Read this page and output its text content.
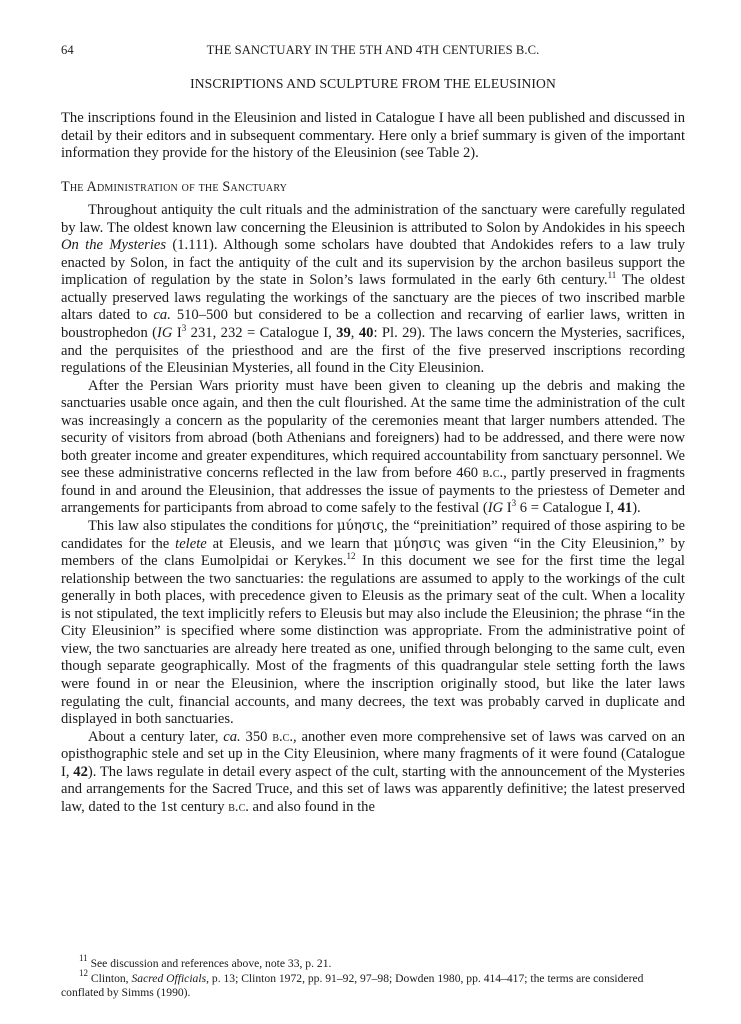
64	THE SANCTUARY IN THE 5TH AND 4TH CENTURIES B.C.
INSCRIPTIONS AND SCULPTURE FROM THE ELEUSINION

The inscriptions found in the Eleusinion and listed in Catalogue I have all been published and discussed in detail by their editors and in subsequent commentary. Here only a brief summary is given of the important information they provide for the history of the Eleusinion (see Table 2).

The Administration of the Sanctuary

Throughout antiquity the cult rituals and the administration of the sanctuary were carefully regulated by law. The oldest known law concerning the Eleusinion is attributed to Solon by Andokides in his speech On the Mysteries (1.111). Although some scholars have doubted that Andokides refers to a law truly enacted by Solon, in fact the antiquity of the cult and its supervision by the archon basileus support the implication of regulation by the state in Solon’s laws formulated in the early 6th century.$^{11}$ The oldest actually preserved laws regulating the workings of the sanctuary are the pieces of two inscribed marble altars dated to ca. 510–500 but considered to be a collection and recarving of earlier laws, written in boustrophedon (IG $I^3$ 231, 232 = Catalogue I, 39, 40: Pl. 29). The laws concern the Mysteries, sacrifices, and the perquisites of the priesthood and are the first of the five preserved inscriptions recording regulations of the Eleusinian Mysteries, all found in the City Eleusinion.

After the Persian Wars priority must have been given to cleaning up the debris and making the sanctuaries usable once again, and then the cult flourished. At the same time the administration of the cult was increasingly a concern as the popularity of the ceremonies meant that larger numbers attended. The security of visitors from abroad (both Athenians and foreigners) had to be addressed, and there were now both greater income and greater expenditures, which required accountability from sanctuary personnel. We see these administrative concerns reflected in the law from before 460 b.c., partly preserved in fragments found in and around the Eleusinion, that addresses the issue of payments to the priestess of Demeter and arrangements for participants from abroad to come safely to the festival (IG $I^3$ 6 = Catalogue I, 41).

This law also stipulates the conditions for μύησις, the “preinitiation” required of those aspiring to be candidates for the telete at Eleusis, and we learn that μύησις was given “in the City Eleusinion,” by members of the clans Eumolpidai or Kerykes.$^{12}$ In this document we see for the first time the legal relationship between the two sanctuaries: the regulations are assumed to apply to the workings of the cult generally in both places, with precedence given to Eleusis as the primary seat of the cult. When a locality is not stipulated, the text implicitly refers to Eleusis but may also include the Eleusinion; the phrase “in the City Eleusinion” is specified where some distinction was appropriate. From the administrative point of view, the two sanctuaries are already here treated as one, unified through belonging to the same cult, even though separate geographically. Most of the fragments of this quadrangular stele setting forth the laws were found in or near the Eleusinion, where the inscription originally stood, but like the later laws regulating the cult, financial accounts, and many decrees, the text was probably carved in duplicate and displayed in both sanctuaries.

About a century later, ca. 350 b.c., another even more comprehensive set of laws was carved on an opisthographic stele and set up in the City Eleusinion, where many fragments of it were found (Catalogue I, 42). The laws regulate in detail every aspect of the cult, starting with the announcement of the Mysteries and arrangements for the Sacred Truce, and this set of laws was apparently definitive; the latest preserved law, dated to the 1st century b.c. and also found in the

$^{11}$ See discussion and references above, note 33, p. 21.

$^{12}$ Clinton, Sacred Officials, p. 13; Clinton 1972, pp. 91–92, 97–98; Dowden 1980, pp. 414–417; the terms are considered conflated by Simms (1990).
